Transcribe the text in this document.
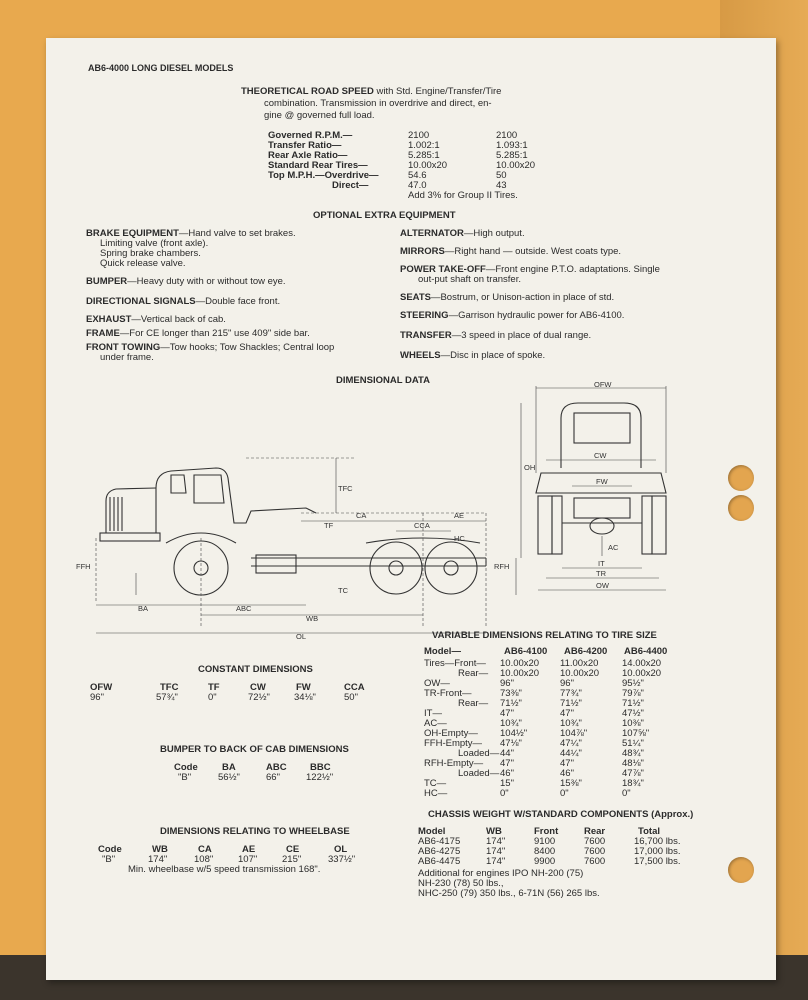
AB6-4000 LONG DIESEL MODELS
THEORETICAL ROAD SPEED with Std. Engine/Transfer/Tire
combination. Transmission in overdrive and direct, en-
gine @ governed full load.
Governed R.P.M.—	2100	2100
Transfer Ratio—	1.002:1	1.093:1
Rear Axle Ratio—	5.285:1	5.285:1
Standard Rear Tires—	10.00x20	10.00x20
Top M.P.H.—Overdrive—	54.6	50
Direct—	47.0	43
Add 3% for Group II Tires.
OPTIONAL EXTRA EQUIPMENT
BRAKE EQUIPMENT—Hand valve to set brakes.
Limiting valve (front axle).
Spring brake chambers.
Quick release valve.
BUMPER—Heavy duty with or without tow eye.
DIRECTIONAL SIGNALS—Double face front.
EXHAUST—Vertical back of cab.
FRAME—For CE longer than 215" use 409" side bar.
FRONT TOWING—Tow hooks; Tow Shackles; Central loop
under frame.
ALTERNATOR—High output.
MIRRORS—Right hand — outside. West coats type.
POWER TAKE-OFF—Front engine P.T.O. adaptations. Single
out-put shaft on transfer.
SEATS—Bostrum, or Unison-action in place of std.
STEERING—Garrison hydraulic power for AB6-4100.
TRANSFER—3 speed in place of dual range.
WHEELS—Disc in place of spoke.
DIMENSIONAL DATA
TFC
TF
CA	AE
CCA
HC
FFH	RFH
TC
BA	ABC
WB
OL
OFW
CW
FW
OH
AC
IT
TR
OW
CONSTANT DIMENSIONS
OFW	TFC	TF	CW	FW	CCA
96"	57¾"	0"	72½"	34⅛"	50"
BUMPER TO BACK OF CAB DIMENSIONS
Code	BA	ABC BBC
"B"	56½"	66"	122½"
DIMENSIONS RELATING TO WHEELBASE
Code	WB	CA	AE	CE	OL
"B"	174"	108"	107"	215"	337½"
Min. wheelbase w/5 speed transmission 168".
VARIABLE DIMENSIONS RELATING TO TIRE SIZE
Model—	AB6-4100 AB6-4200 AB6-4400
Tires—Front— 10.00x20 11.00x20 14.00x20
Rear— 10.00x20 10.00x20 10.00x20
OW—	96"	96"	95½"
TR-Front—	73⅜"	77¾"	79⅞"
Rear— 71½"	71½"	71½"
IT—	47"	47"	47½"
AC—	10¾"	10¾"	10⅜"
OH-Empty— 104½"	104⅞"	107⅝"
FFH-Empty— 47⅛"	47¼"	51¼"
Loaded— 44"	44¼"	48¾"
RFH-Empty— 47"	47"	48⅛"
Loaded— 46"	46"	47⅞"
TC—	15"	15⅜"	18¾"
HC—	0"	0"	0"
CHASSIS WEIGHT W/STANDARD COMPONENTS (Approx.)
Model	WB	Front	Rear	Total
AB6-4175	174"	9100	7600	16,700 lbs.
AB6-4275	174"	8400	7600	17,000 lbs.
AB6-4475	174"	9900	7600	17,500 lbs.
Additional for engines IPO NH-200 (75)
NH-230 (78) 50 lbs.,
NHC-250 (79) 350 lbs., 6-71N (56) 265 lbs.
